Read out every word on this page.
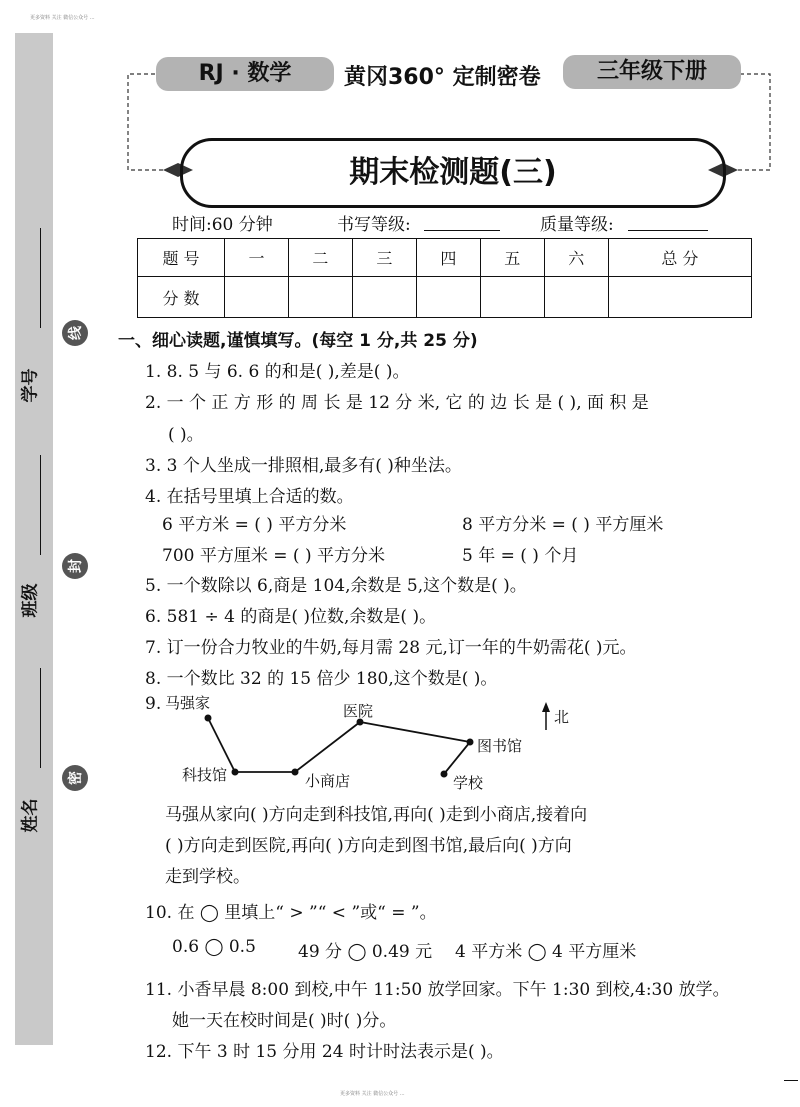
更多资料 关注 微信公众号 ...
学号
班级
姓名
线
封
密
RJ · 数学	黄冈360° 定制密卷	三年级下册
期末检测题(三)
时间:60 分钟	书写等级:	质量等级:
题 号	一	二	三	四	五	六	总 分
分 数							
一、细心读题,谨慎填写。(每空 1 分,共 25 分)
1. 8. 5 与 6. 6 的和是( ),差是( )。
2. 一 个 正 方 形 的 周 长 是 12 分 米, 它 的 边 长 是 ( ), 面 积 是
( )。
3. 3 个人坐成一排照相,最多有( )种坐法。
4. 在括号里填上合适的数。
6 平方米 = ( ) 平方分米	8 平方分米 = ( ) 平方厘米
700 平方厘米 = ( ) 平方分米	5 年 = ( ) 个月
5. 一个数除以 6,商是 104,余数是 5,这个数是( )。
6. 581 ÷ 4 的商是( )位数,余数是( )。
7. 订一份合力牧业的牛奶,每月需 28 元,订一年的牛奶需花( )元。
8. 一个数比 32 的 15 倍少 180,这个数是( )。
9. 马强家	医院
图书馆
科技馆	小商店	学校
北
马强从家向( )方向走到科技馆,再向( )走到小商店,接着向
( )方向走到医院,再向( )方向走到图书馆,最后向( )方向
走到学校。
10. 在 ◯ 里填上“ > ”“ < ”或“ = ”。
0.6 ◯ 0.5 49 分 ◯ 0.49 元 4 平方米 ◯ 4 平方厘米
11. 小香早晨 8:00 到校,中午 11:50 放学回家。下午 1:30 到校,4:30 放学。
她一天在校时间是( )时( )分。
12. 下午 3 时 15 分用 24 时计时法表示是( )。
更多资料 关注 微信公众号 ...
